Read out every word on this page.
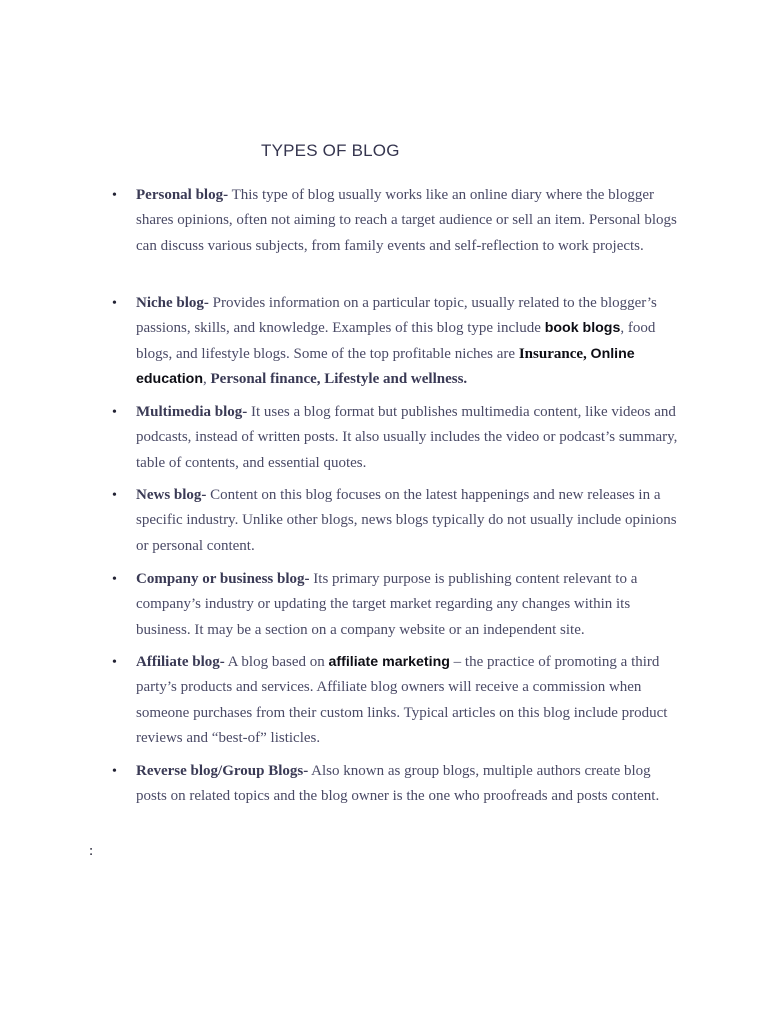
TYPES OF BLOG
• Personal blog- This type of blog usually works like an online diary where the blogger shares opinions, often not aiming to reach a target audience or sell an item. Personal blogs can discuss various subjects, from family events and self-reflection to work projects.
• Niche blog- Provides information on a particular topic, usually related to the blogger’s passions, skills, and knowledge. Examples of this blog type include book blogs, food blogs, and lifestyle blogs. Some of the top profitable niches are Insurance, Online education, Personal finance, Lifestyle and wellness.
• Multimedia blog- It uses a blog format but publishes multimedia content, like videos and podcasts, instead of written posts. It also usually includes the video or podcast’s summary, table of contents, and essential quotes.
• News blog- Content on this blog focuses on the latest happenings and new releases in a specific industry. Unlike other blogs, news blogs typically do not usually include opinions or personal content.
• Company or business blog- Its primary purpose is publishing content relevant to a company’s industry or updating the target market regarding any changes within its business. It may be a section on a company website or an independent site.
• Affiliate blog- A blog based on affiliate marketing – the practice of promoting a third party’s products and services. Affiliate blog owners will receive a commission when someone purchases from their custom links. Typical articles on this blog include product reviews and “best-of” listicles.
• Reverse blog/Group Blogs- Also known as group blogs, multiple authors create blog posts on related topics and the blog owner is the one who proofreads and posts content.
:
